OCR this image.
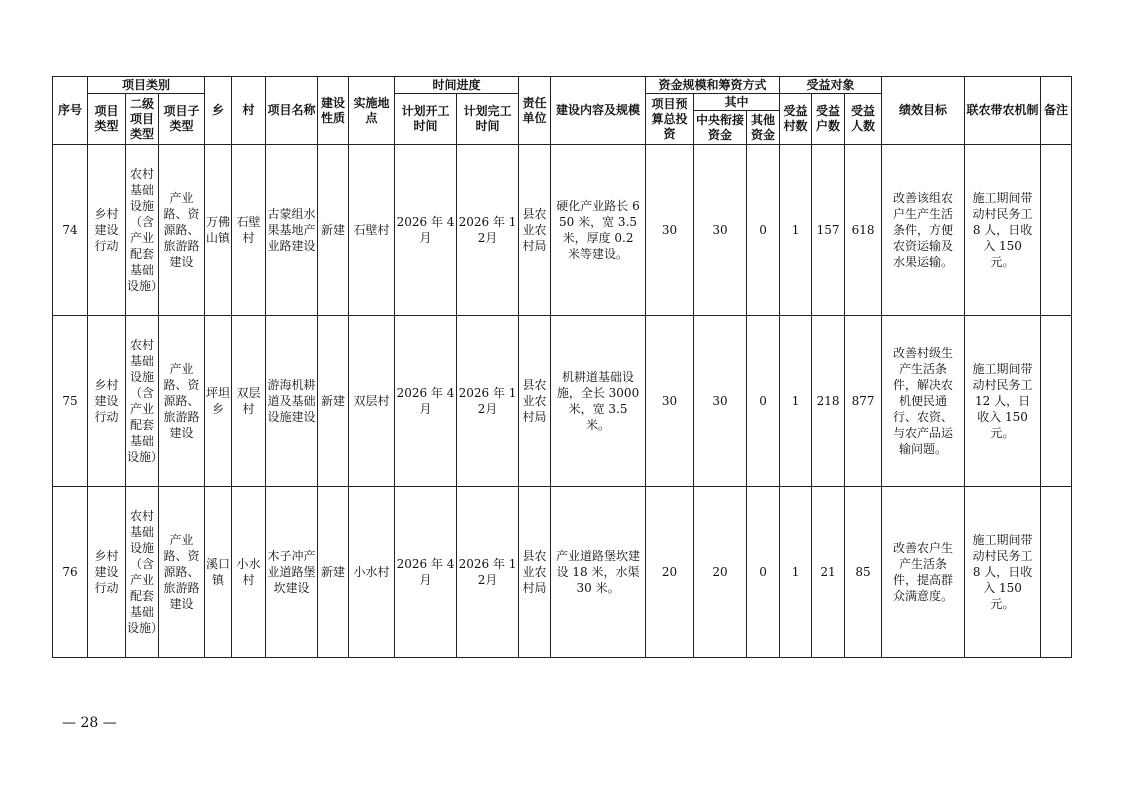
序号	项目类别			乡	村	项目名称	建设性质	实施地点	时间进度		责任单位	建设内容及规模	资金规模和筹资方式			受益对象			绩效目标	联农带农机制	备注
	项目类型	二级项目类型	项目子类型						计划开工时间	计划完工时间			项目预算总投资	其中		受益村数	受益户数	受益人数			
														中央衔接资金	其他资金						
74	乡村建设行动	农村基础设施（含产业配套基础设施）	产业路、资源路、旅游路建设	万佛山镇	石壁村	古蒙组水果基地产业路建设	新建	石壁村	2026 年 4 月	2026 年 12月	县农业农村局	硬化产业路长 650 米，宽 3.5 米，厚度 0.2 米等建设。	30	30	0	1	157	618	改善该组农户生产生活条件，方便农资运输及水果运输。	施工期间带动村民务工 8 人，日收入 150 元。	
75	乡村建设行动	农村基础设施（含产业配套基础设施）	产业路、资源路、旅游路建设	坪坦乡	双层村	游海机耕道及基础设施建设	新建	双层村	2026 年 4 月	2026 年 12月	县农业农村局	机耕道基础设施，全长 3000 米，宽 3.5 米。	30	30	0	1	218	877	改善村级生产生活条件，解决农机便民通行、农资、与农产品运输问题。	施工期间带动村民务工 12 人，日收入 150 元。	
76	乡村建设行动	农村基础设施（含产业配套基础设施）	产业路、资源路、旅游路建设	溪口镇	小水村	木子冲产业道路堡坎建设	新建	小水村	2026 年 4 月	2026 年 12月	县农业农村局	产业道路堡坎建设 18 米，水渠 30 米。	20	20	0	1	21	85	改善农户生产生活条件，提高群众满意度。	施工期间带动村民务工 8 人，日收入 150 元。	
— 28 —
